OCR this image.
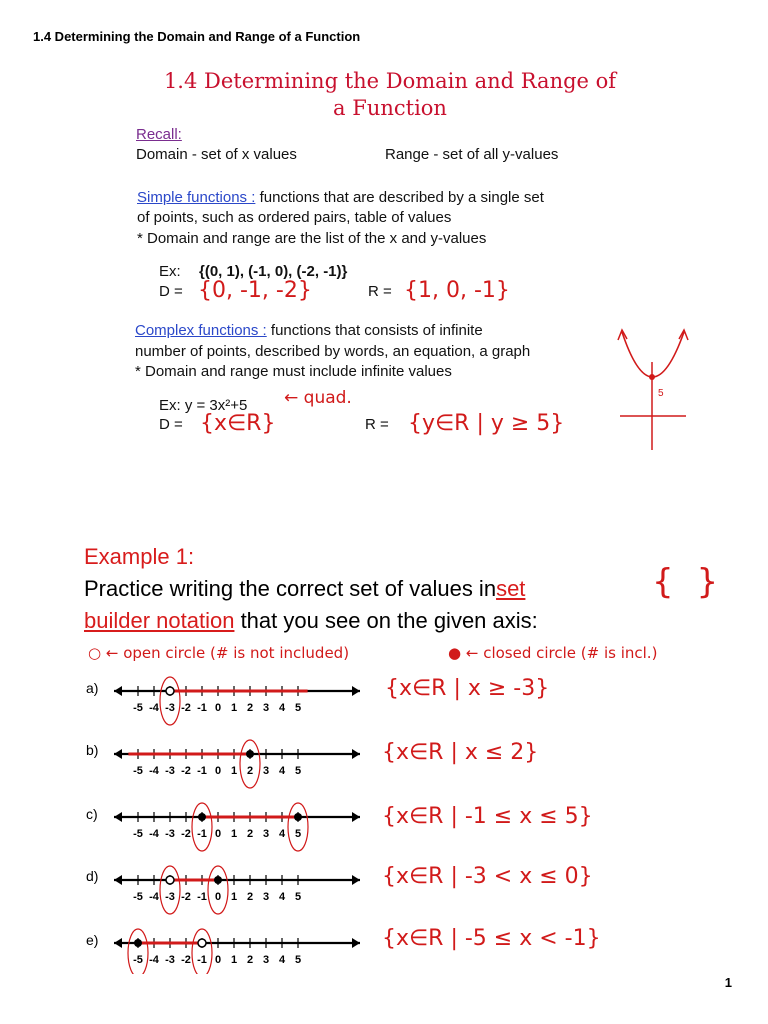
1.4 Determining the Domain and Range of a Function
1.4 Determining the Domain and Range of
a Function
Recall:
Domain - set of x values	Range - set of all y-values
Simple functions : functions that are described by a single set
of points, such as ordered pairs, table of values
* Domain and range are the list of the x and y-values
Ex: {(0, 1), (-1, 0), (-2, -1)}
D = {0, -1, -2}	R = {1, 0, -1}
Complex functions : functions that consists of infinite
number of points, described by words, an equation, a graph
* Domain and range must include infinite values
Ex: y = 3x²+5 ← quad.
D = {x∈R}	R = {y∈R | y ≥ 5}
5
Example 1:
Practice writing the correct set of values inset	{ }
builder notation that you see on the given axis:
○ ← open circle (# is not included)	● ← closed circle (# is incl.)
a)
b)
c)
d)
e)
{x∈R | x ≥ -3}
{x∈R | x ≤ 2}
{x∈R | -1 ≤ x ≤ 5}
{x∈R | -3 < x ≤ 0}
{x∈R | -5 ≤ x < -1}
-5 -4 -3 -2 -1 0 1 2 3 4 5
-5 -4 -3 -2 -1 0 1 2 3 4 5
-5 -4 -3 -2 -1 0 1 2 3 4 5
-5 -4 -3 -2 -1 0 1 2 3 4 5
-5 -4 -3 -2 -1 0 1 2 3 4 5
1
